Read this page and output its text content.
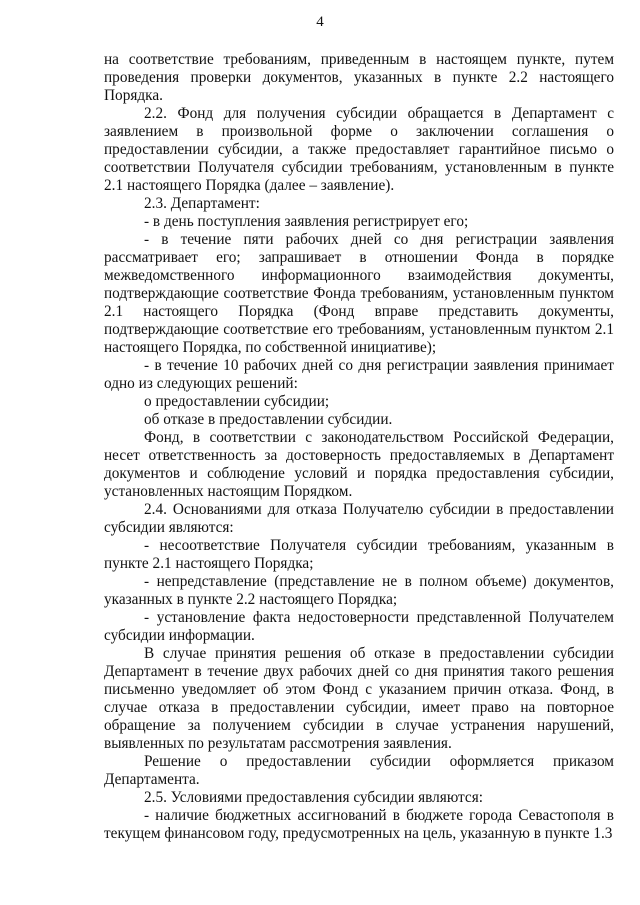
4

на соответствие требованиям, приведенным в настоящем пункте, путем проведения проверки документов, указанных в пункте 2.2 настоящего Порядка.

2.2. Фонд для получения субсидии обращается в Департамент с заявлением в произвольной форме о заключении соглашения о предоставлении субсидии, а также предоставляет гарантийное письмо о соответствии Получателя субсидии требованиям, установленным в пункте 2.1 настоящего Порядка (далее – заявление).

2.3. Департамент:

- в день поступления заявления регистрирует его;

- в течение пяти рабочих дней со дня регистрации заявления рассматривает его; запрашивает в отношении Фонда в порядке межведомственного информационного взаимодействия документы, подтверждающие соответствие Фонда требованиям, установленным пунктом 2.1 настоящего Порядка (Фонд вправе представить документы, подтверждающие соответствие его требованиям, установленным пунктом 2.1 настоящего Порядка, по собственной инициативе);

- в течение 10 рабочих дней со дня регистрации заявления принимает одно из следующих решений:

о предоставлении субсидии;

об отказе в предоставлении субсидии.

Фонд, в соответствии с законодательством Российской Федерации, несет ответственность за достоверность предоставляемых в Департамент документов и соблюдение условий и порядка предоставления субсидии, установленных настоящим Порядком.

2.4. Основаниями для отказа Получателю субсидии в предоставлении субсидии являются:

- несоответствие Получателя субсидии требованиям, указанным в пункте 2.1 настоящего Порядка;

- непредставление (представление не в полном объеме) документов, указанных в пункте 2.2 настоящего Порядка;

- установление факта недостоверности представленной Получателем субсидии информации.

В случае принятия решения об отказе в предоставлении субсидии Департамент в течение двух рабочих дней со дня принятия такого решения письменно уведомляет об этом Фонд с указанием причин отказа. Фонд, в случае отказа в предоставлении субсидии, имеет право на повторное обращение за получением субсидии в случае устранения нарушений, выявленных по результатам рассмотрения заявления.

Решение о предоставлении субсидии оформляется приказом Департамента.

2.5. Условиями предоставления субсидии являются:

- наличие бюджетных ассигнований в бюджете города Севастополя в текущем финансовом году, предусмотренных на цель, указанную в пункте 1.3
